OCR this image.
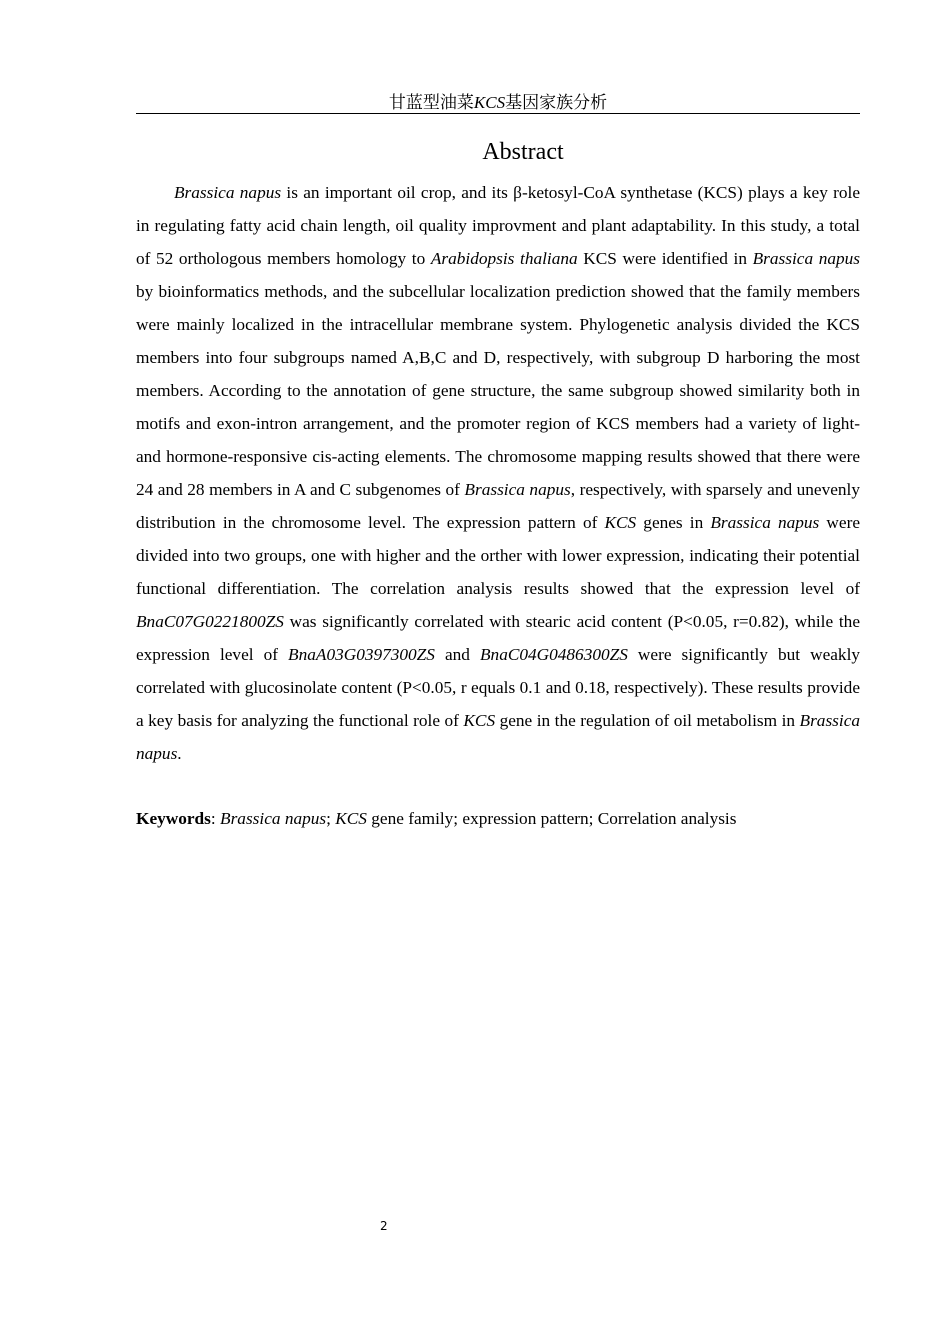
甘蓝型油菜KCS基因家族分析
Abstract

Brassica napus is an important oil crop, and its β-ketosyl-CoA synthetase (KCS) plays a key role in regulating fatty acid chain length, oil quality improvment and plant adaptability. In this study, a total of 52 orthologous members homology to Arabidopsis thaliana KCS were identified in Brassica napus by bioinformatics methods, and the subcellular localization prediction showed that the family members were mainly localized in the intracellular membrane system. Phylogenetic analysis divided the KCS members into four subgroups named A,B,C and D, respectively, with subgroup D harboring the most members. According to the annotation of gene structure, the same subgroup showed similarity both in motifs and exon-intron arrangement, and the promoter region of KCS members had a variety of light- and hormone-responsive cis-acting elements. The chromosome mapping results showed that there were 24 and 28 members in A and C subgenomes of Brassica napus, respectively, with sparsely and unevenly distribution in the chromosome level. The expression pattern of KCS genes in Brassica napus were divided into two groups, one with higher and the orther with lower expression, indicating their potential functional differentiation. The correlation analysis results showed that the expression level of BnaC07G0221800ZS was significantly correlated with stearic acid content (P<0.05, r=0.82), while the expression level of BnaA03G0397300ZS and BnaC04G0486300ZS were significantly but weakly correlated with glucosinolate content (P<0.05, r equals 0.1 and 0.18, respectively). These results provide a key basis for analyzing the functional role of KCS gene in the regulation of oil metabolism in Brassica napus.

Keywords: Brassica napus; KCS gene family; expression pattern; Correlation analysis

2
